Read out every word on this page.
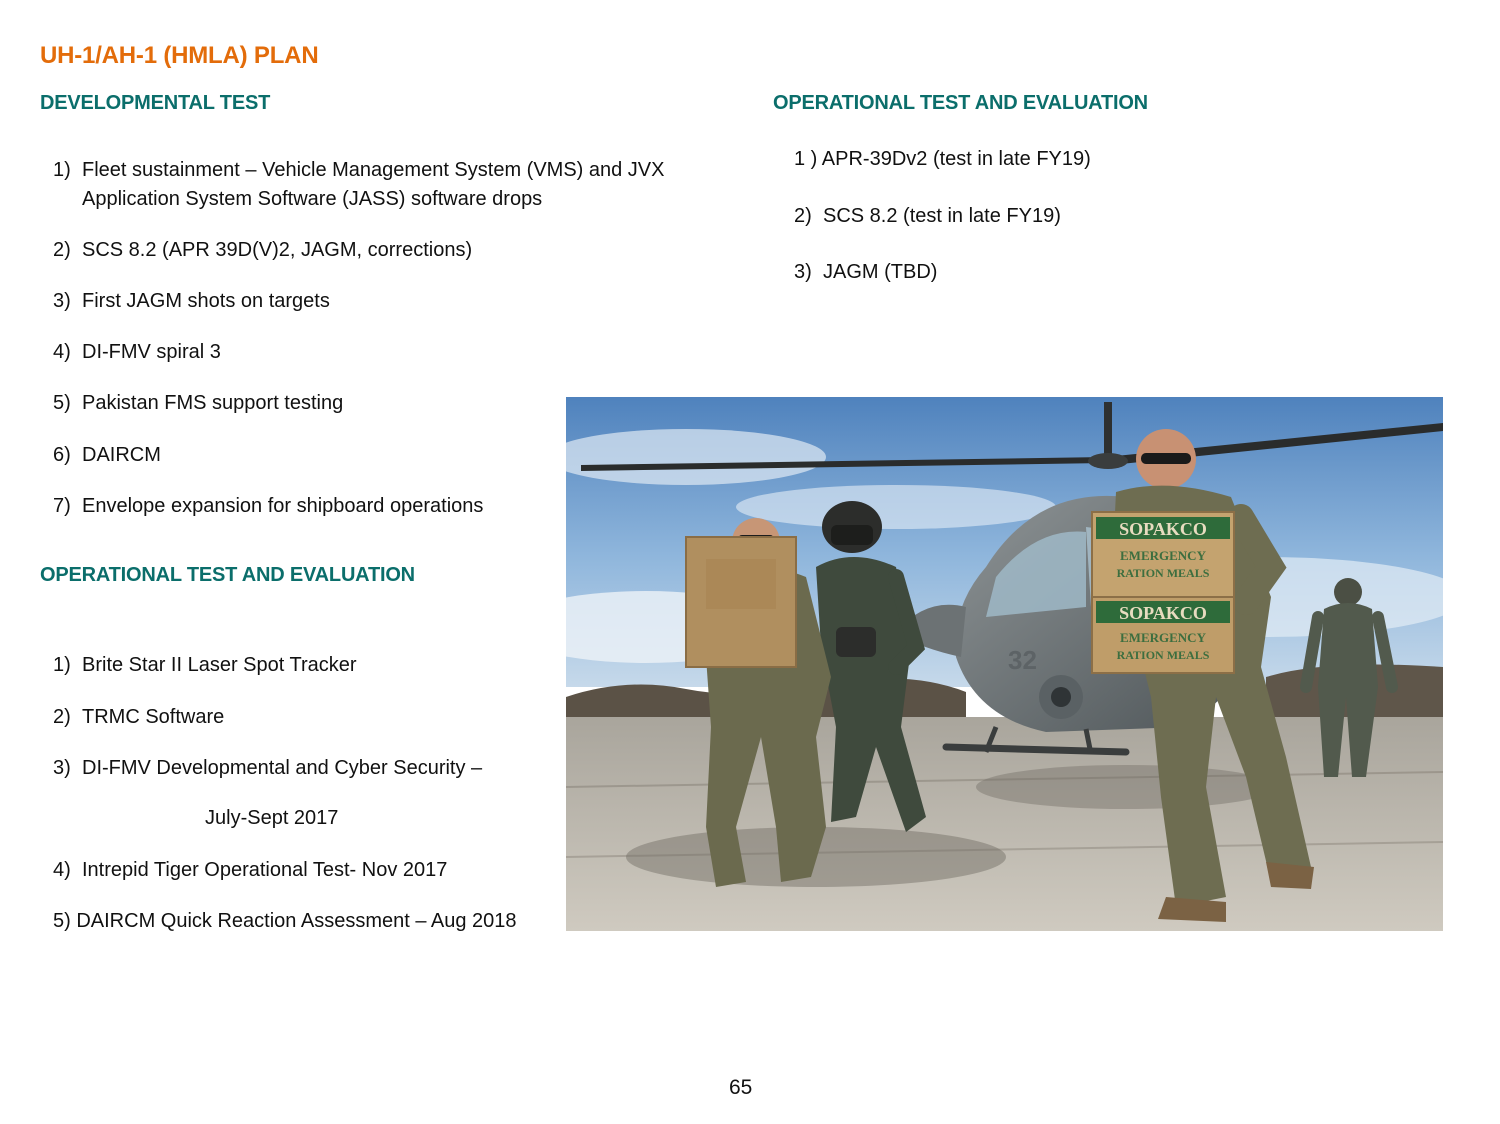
UH-1/AH-1 (HMLA) PLAN
DEVELOPMENTAL TEST
1) Fleet sustainment – Vehicle Management System (VMS) and JVX
Application System Software (JASS) software drops
2) SCS 8.2 (APR 39D(V)2, JAGM, corrections)
3) First JAGM shots on targets
4) DI-FMV spiral 3
5) Pakistan FMS support testing
6) DAIRCM
7) Envelope expansion for shipboard operations
OPERATIONAL TEST AND EVALUATION
1) Brite Star II Laser Spot Tracker
2) TRMC Software
3) DI-FMV Developmental and Cyber Security –
July-Sept 2017
4) Intrepid Tiger Operational Test- Nov 2017
5) DAIRCM Quick Reaction Assessment – Aug 2018
OPERATIONAL TEST AND EVALUATION
1 ) APR-39Dv2 (test in late FY19)
2) SCS 8.2 (test in late FY19)
3) JAGM (TBD)
32
SOPAKCO
EMERGENCY
RATION MEALS
SOPAKCO
EMERGENCY
RATION MEALS
65
